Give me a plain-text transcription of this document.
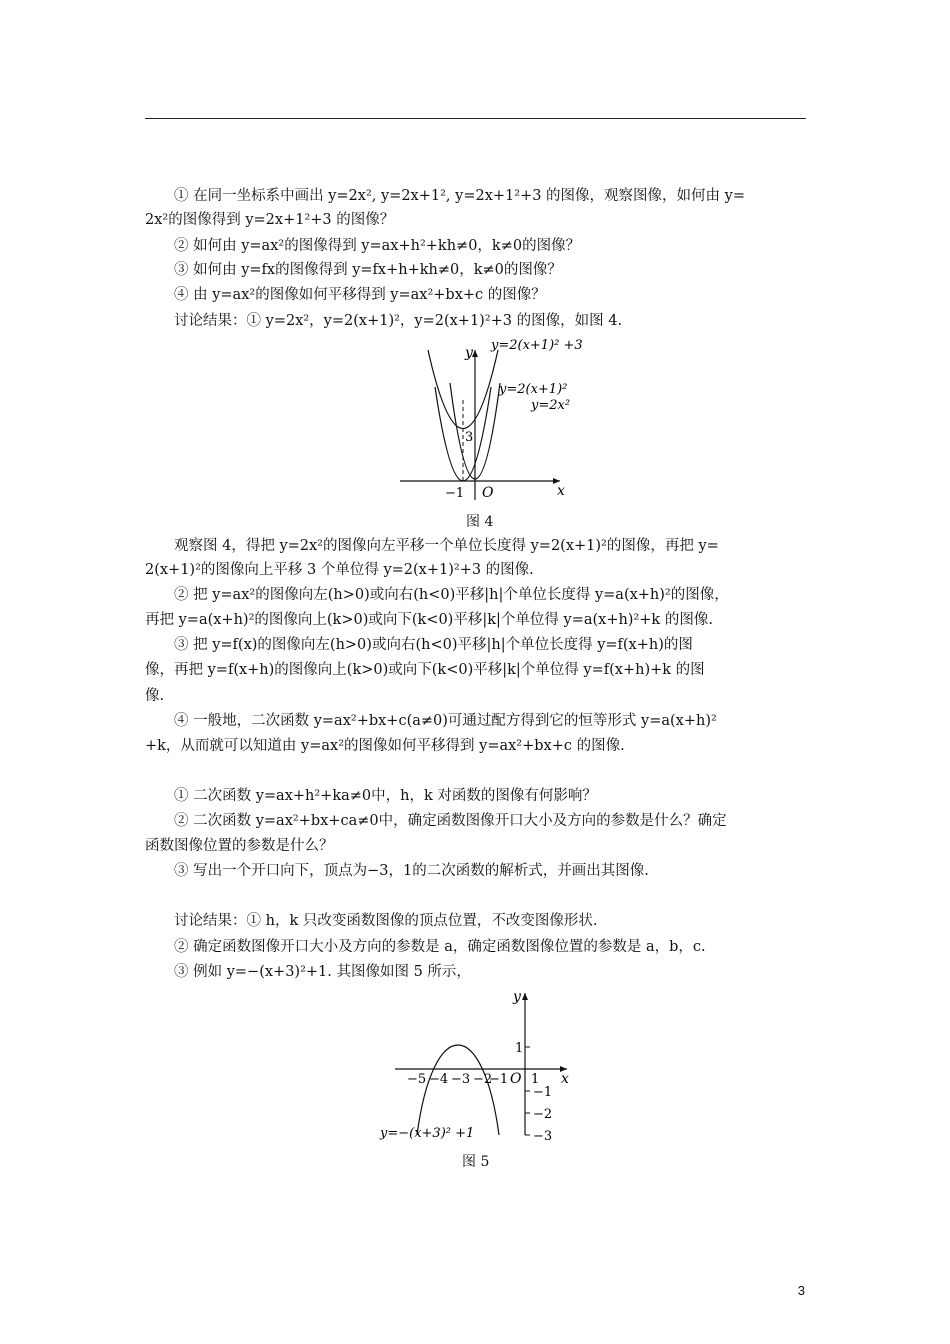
① 在同一坐标系中画出 y=2x², y=2x+1², y=2x+1²+3 的图像，观察图像，如何由 y=
2x²的图像得到 y=2x+1²+3 的图像？
② 如何由 y=ax²的图像得到 y=ax+h²+kh≠0，k≠0的图像？
③ 如何由 y=fx的图像得到 y=fx+h+kh≠0，k≠0的图像？
④ 由 y=ax²的图像如何平移得到 y=ax²+bx+c 的图像？
讨论结果：① y=2x²，y=2(x+1)²，y=2(x+1)²+3 的图像，如图 4.
y=2(x+1)² +3
y=2(x+1)²
y=2x²
y
x
O
−1
3
图 4
观察图 4，得把 y=2x²的图像向左平移一个单位长度得 y=2(x+1)²的图像，再把 y=
2(x+1)²的图像向上平移 3 个单位得 y=2(x+1)²+3 的图像.
② 把 y=ax²的图像向左(h>0)或向右(h<0)平移|h|个单位长度得 y=a(x+h)²的图像，
再把 y=a(x+h)²的图像向上(k>0)或向下(k<0)平移|k|个单位得 y=a(x+h)²+k 的图像.
③ 把 y=f(x)的图像向左(h>0)或向右(h<0)平移|h|个单位长度得 y=f(x+h)的图
像，再把 y=f(x+h)的图像向上(k>0)或向下(k<0)平移|k|个单位得 y=f(x+h)+k 的图
像.
④ 一般地，二次函数 y=ax²+bx+c(a≠0)可通过配方得到它的恒等形式 y=a(x+h)²
+k，从而就可以知道由 y=ax²的图像如何平移得到 y=ax²+bx+c 的图像.
① 二次函数 y=ax+h²+ka≠0中，h，k 对函数的图像有何影响？
② 二次函数 y=ax²+bx+ca≠0中，确定函数图像开口大小及方向的参数是什么？确定
函数图像位置的参数是什么？
③ 写出一个开口向下，顶点为−3，1的二次函数的解析式，并画出其图像.
讨论结果：① h，k 只改变函数图像的顶点位置，不改变图像形状.
② 确定函数图像开口大小及方向的参数是 a，确定函数图像位置的参数是 a，b，c.
③ 例如 y=−(x+3)²+1. 其图像如图 5 所示，
y
x
O
−5 −4 −3 −2
−1 1
1
−1
−2
−3
y=−(x+3)² +1
图 5
3
